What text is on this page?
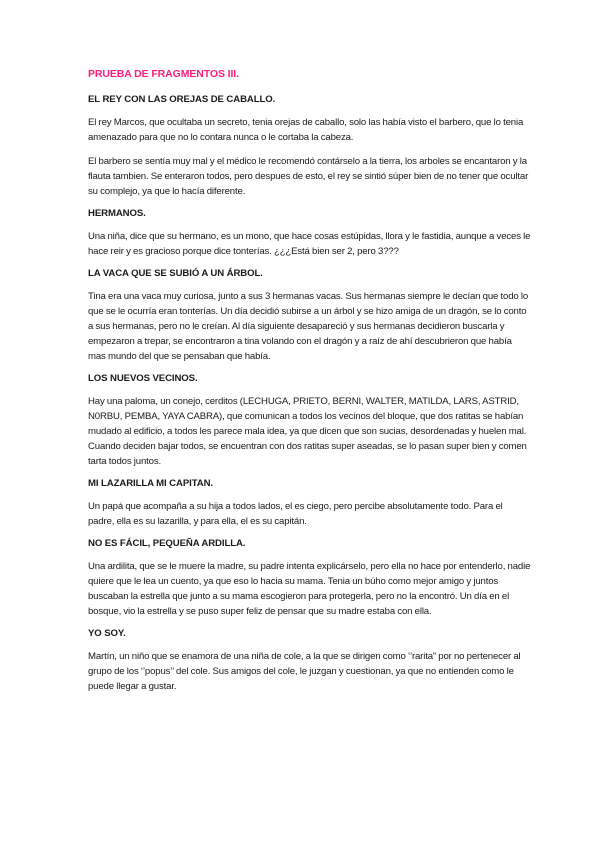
PRUEBA DE FRAGMENTOS III.
EL REY CON LAS OREJAS DE CABALLO.

El rey Marcos, que ocultaba un secreto, tenia orejas de caballo, solo las había visto el barbero, que lo tenia amenazado para que no lo contara nunca o le cortaba la cabeza.

El barbero se sentía muy mal y el médico le recomendó contárselo a la tierra, los arboles se encantaron y la flauta tambien. Se enteraron todos, pero despues de esto, el rey se sintió súper bien de no tener que ocultar su complejo, ya que lo hacía diferente.

HERMANOS.

Una niña, dice que su hermano, es un mono, que hace cosas estúpidas, llora y le fastidia, aunque a veces le hace reir y es gracioso porque dice tonterías. ¿¿¿Está bien ser 2, pero 3???

LA VACA QUE SE SUBIÓ A UN ÁRBOL.

Tina era una vaca muy curiosa, junto a sus 3 hermanas vacas. Sus hermanas siempre le decían que todo lo que se le ocurría eran tonterías. Un día decidió subirse a un árbol y se hizo amiga de un dragón, se lo conto a sus hermanas, pero no le creían. Al día siguiente desapareció y sus hermanas decidieron buscarla y empezaron a trepar, se encontraron a tina volando con el dragón y a raíz de ahí descubrieron que había mas mundo del que se pensaban que había.

LOS NUEVOS VECINOS.

Hay una paloma, un conejo, cerditos (LECHUGA, PRIETO, BERNI, WALTER, MATILDA, LARS, ASTRID, N0RBU, PEMBA, YAYA CABRA), que comunican a todos los vecinos del bloque, que dos ratitas se habían mudado al edificio, a todos les parece mala idea, ya que dicen que son sucias, desordenadas y huelen mal. Cuando deciden bajar todos, se encuentran con dos ratitas super aseadas, se lo pasan super bien y comen tarta todos juntos.

MI LAZARILLA MI CAPITAN.

Un papá que acompaña a su hija a todos lados, el es ciego, pero percibe absolutamente todo. Para el padre, ella es su lazarilla, y para ella, el es su capitán.

NO ES FÁCIL, PEQUEÑA ARDILLA.

Una ardilita, que se le muere la madre, su padre intenta explicárselo, pero ella no hace por entenderlo, nadie quiere que le lea un cuento, ya que eso lo hacia su mama. Tenia un búho como mejor amigo y juntos buscaban la estrella que junto a su mama escogieron para protegerla, pero no la encontró. Un día en el bosque, vio la estrella y se puso super feliz de pensar que su madre estaba con ella.

YO SOY.

Martín, un niño que se enamora de una niña de cole, a la que se dirigen como ‘’rarita” por no pertenecer al grupo de los ‘’popus’’ del cole. Sus amigos del cole, le juzgan y cuestionan, ya que no entienden como le puede llegar a gustar.
